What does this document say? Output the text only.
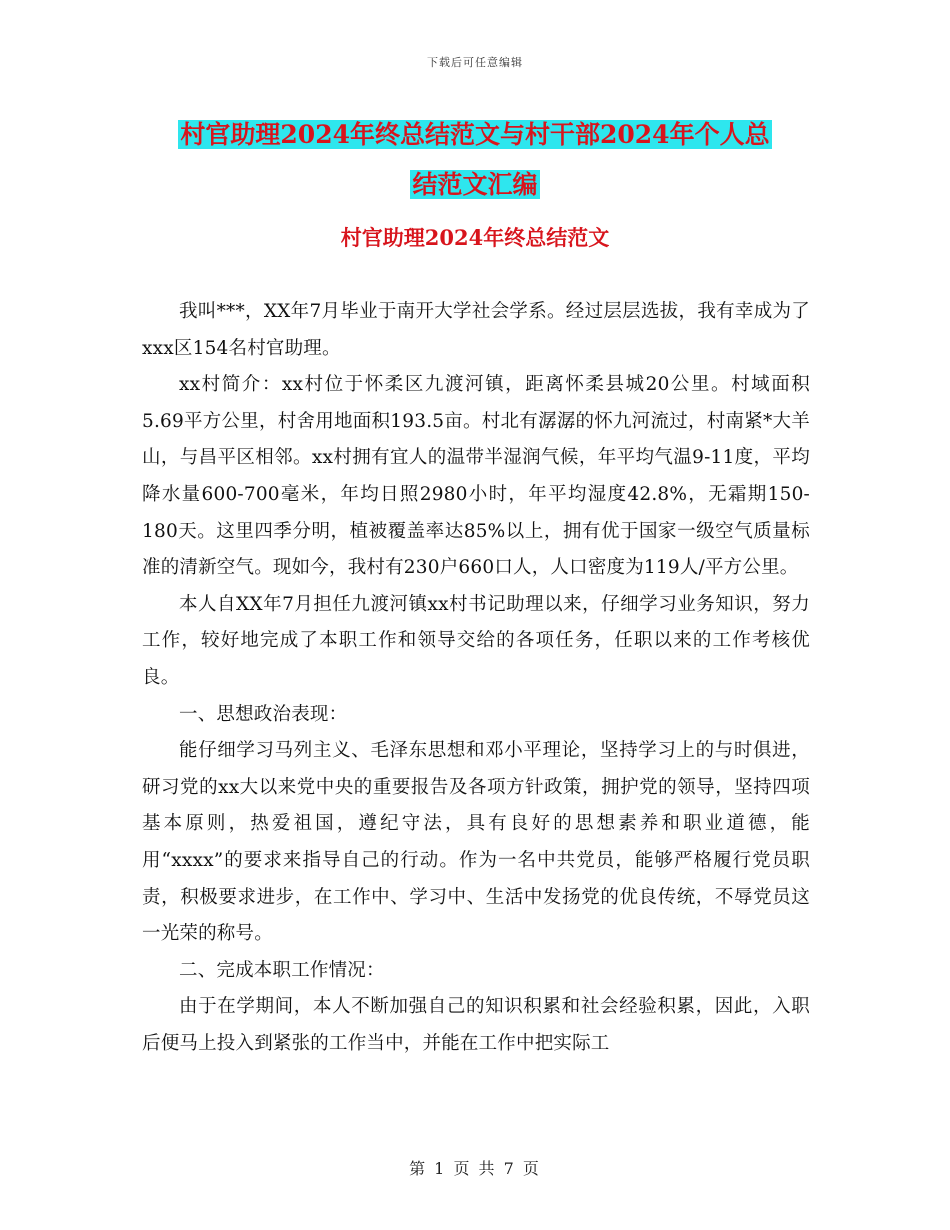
下载后可任意编辑
村官助理2024年终总结范文与村干部2024年个人总
结范文汇编
村官助理2024年终总结范文

我叫***，XX年7月毕业于南开大学社会学系。经过层层选拔，我有幸成为了xxx区154名村官助理。

xx村简介：xx村位于怀柔区九渡河镇，距离怀柔县城20公里。村域面积5.69平方公里，村舍用地面积193.5亩。村北有潺潺的怀九河流过，村南紧*大羊山，与昌平区相邻。xx村拥有宜人的温带半湿润气候，年平均气温9-11度，平均降水量600-700毫米，年均日照2980小时，年平均湿度42.8%，无霜期150-180天。这里四季分明，植被覆盖率达85%以上，拥有优于国家一级空气质量标准的清新空气。现如今，我村有230户660口人，人口密度为119人/平方公里。

本人自XX年7月担任九渡河镇xx村书记助理以来，仔细学习业务知识，努力工作，较好地完成了本职工作和领导交给的各项任务，任职以来的工作考核优良。

一、思想政治表现：

能仔细学习马列主义、毛泽东思想和邓小平理论，坚持学习上的与时俱进，研习党的xx大以来党中央的重要报告及各项方针政策，拥护党的领导，坚持四项基本原则，热爱祖国，遵纪守法，具有良好的思想素养和职业道德，能用“xxxx”的要求来指导自己的行动。作为一名中共党员，能够严格履行党员职责，积极要求进步，在工作中、学习中、生活中发扬党的优良传统，不辱党员这一光荣的称号。

二、完成本职工作情况：

由于在学期间，本人不断加强自己的知识积累和社会经验积累，因此，入职后便马上投入到紧张的工作当中，并能在工作中把实际工

第 1 页 共 7 页
